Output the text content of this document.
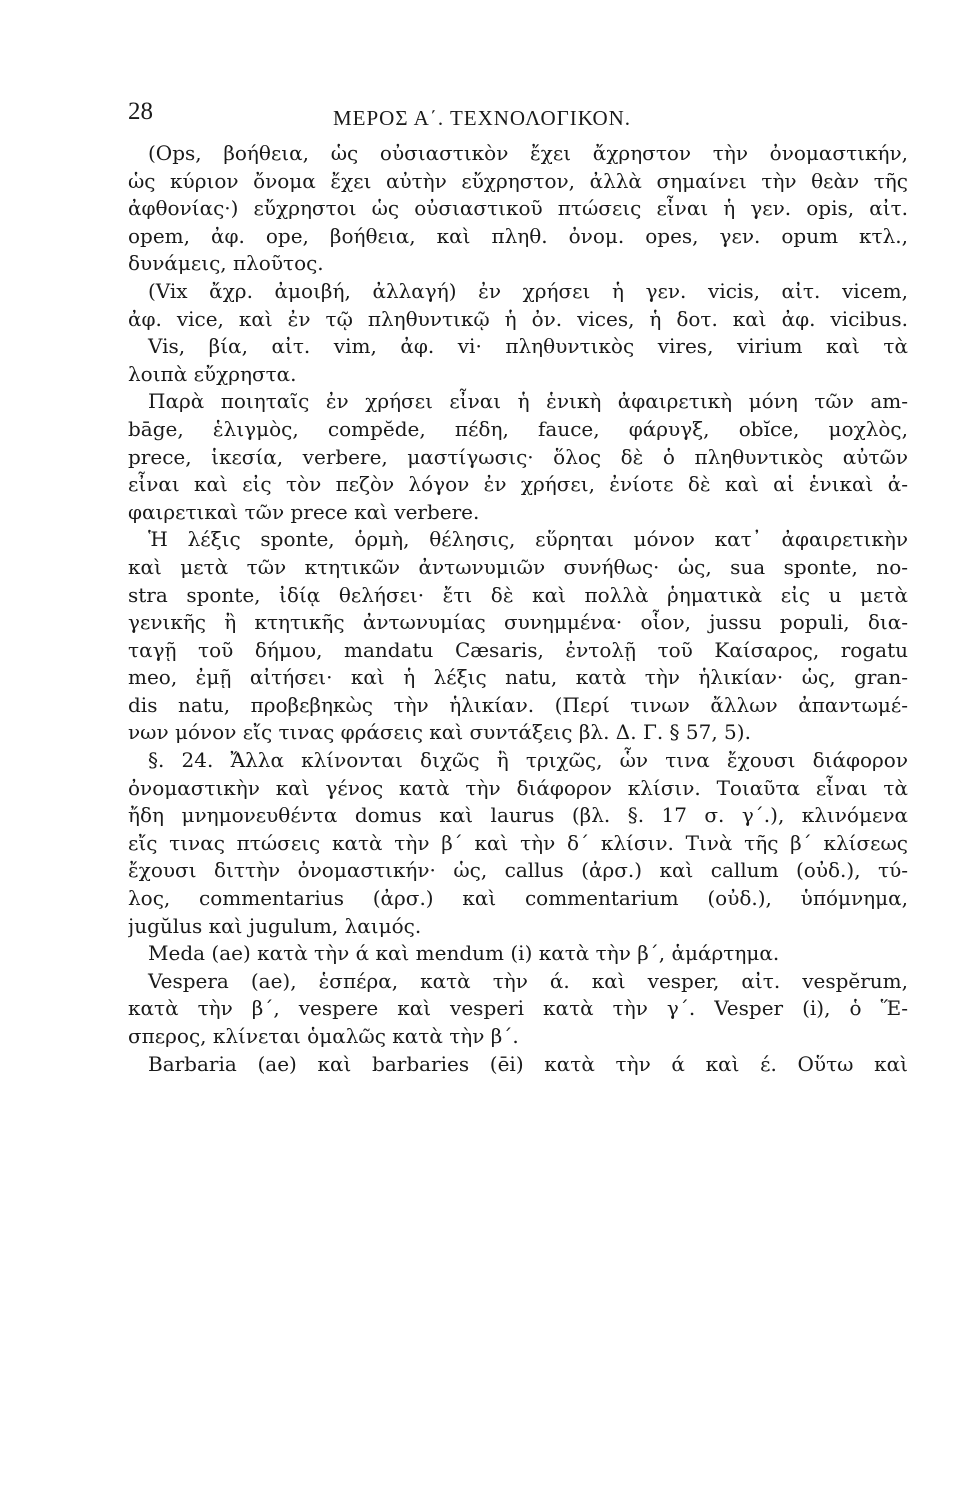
28	ΜΕΡΟΣ Α΄. ΤΕΧΝΟΛΟΓΙΚΟΝ.
(Ops, βοήθεια, ὡς οὐσιαστικὸν ἔχει ἄχρηστον τὴν ὀνομαστικήν,
ὡς κύριον ὄνομα ἔχει αὐτὴν εὔχρηστον, ἀλλὰ σημαίνει τὴν θεὰν τῆς
ἀφθονίας·) εὔχρηστοι ὡς οὐσιαστικοῦ πτώσεις εἶναι ἡ γεν. opis, αἰτ.
opem, ἀφ. ope, βοήθεια, καὶ πληθ. ὀνομ. opes, γεν. opum κτλ.,
δυνάμεις, πλοῦτος.
(Vix ἄχρ. ἀμοιβή, ἀλλαγή) ἐν χρήσει ἡ γεν. vicis, αἰτ. vicem,
ἀφ. vice, καὶ ἐν τῷ πληθυντικῷ ἡ ὀν. vices, ἡ δοτ. καὶ ἀφ. vicibus.
Vis, βία, αἰτ. vim, ἀφ. vi· πληθυντικὸς vires, virium καὶ τὰ
λοιπὰ εὔχρηστα.
Παρὰ ποιηταῖς ἐν χρήσει εἶναι ἡ ἑνικὴ ἀφαιρετικὴ μόνη τῶν am-
bāge, ἑλιγμὸς, compĕde, πέδη, fauce, φάρυγξ, obĭce, μοχλὸς,
prece, ἱκεσία, verbere, μαστίγωσις· ὅλος δὲ ὁ πληθυντικὸς αὐτῶν
εἶναι καὶ εἰς τὸν πεζὸν λόγον ἐν χρήσει, ἐνίοτε δὲ καὶ αἱ ἑνικαὶ ἀ-
φαιρετικαὶ τῶν prece καὶ verbere.
Ἡ λέξις sponte, ὁρμὴ, θέλησις, εὕρηται μόνον κατ᾽ ἀφαιρετικὴν
καὶ μετὰ τῶν κτητικῶν ἀντωνυμιῶν συνήθως· ὡς, sua sponte, no-
stra sponte, ἰδίᾳ θελήσει· ἔτι δὲ καὶ πολλὰ ῥηματικὰ εἰς u μετὰ
γενικῆς ἢ κτητικῆς ἀντωνυμίας συνημμένα· οἷον, jussu populi, δια-
ταγῇ τοῦ δήμου, mandatu Cæsaris, ἐντολῇ τοῦ Καίσαρος, rogatu
meo, ἐμῇ αἰτήσει· καὶ ἡ λέξις natu, κατὰ τὴν ἡλικίαν· ὡς, gran-
dis natu, προβεβηκὼς τὴν ἡλικίαν. (Περί τινων ἄλλων ἀπαντωμέ-
νων μόνον εἴς τινας φράσεις καὶ συντάξεις βλ. Δ. Γ. § 57, 5).
§. 24. Ἄλλα κλίνονται διχῶς ἢ τριχῶς, ὧν τινα ἔχουσι διάφορον
ὀνομαστικὴν καὶ γένος κατὰ τὴν διάφορον κλίσιν. Τοιαῦτα εἶναι τὰ
ἤδη μνημονευθέντα domus καὶ laurus (βλ. §. 17 σ. γ΄.), κλινόμενα
εἴς τινας πτώσεις κατὰ τὴν β΄ καὶ τὴν δ΄ κλίσιν. Τινὰ τῆς β΄ κλίσεως
ἔχουσι διττὴν ὀνομαστικήν· ὡς, callus (ἀρσ.) καὶ callum (οὐδ.), τύ-
λος, commentarius (ἀρσ.) καὶ commentarium (οὐδ.), ὑπόμνημα,
jugŭlus καὶ jugulum, λαιμός.
Meda (ae) κατὰ τὴν ά καὶ mendum (i) κατὰ τὴν β΄, ἁμάρτημα.
Vespera (ae), ἑσπέρα, κατὰ τὴν ά. καὶ vesper, αἰτ. vespĕrum,
κατὰ τὴν β΄, vespere καὶ vesperi κατὰ τὴν γ΄. Vesper (i), ὁ Ἕ-
σπερος, κλίνεται ὁμαλῶς κατὰ τὴν β΄.
Barbaria (ae) καὶ barbaries (ēi) κατὰ τὴν ά καὶ έ. Οὕτω καὶ
